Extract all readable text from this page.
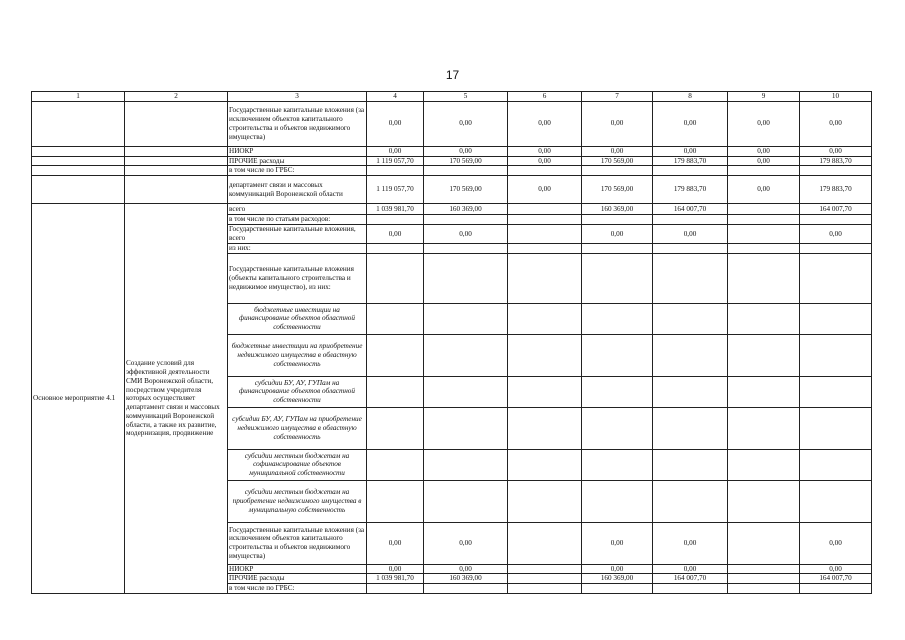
17
1	2	3	4	5	6	7	8	9	10
		Государственные капитальные вложения (за исключением объектов капитального строительства и объектов недвижимого имущества)	0,00	0,00	0,00	0,00	0,00	0,00	0,00
		НИОКР	0,00	0,00	0,00	0,00	0,00	0,00	0,00
		ПРОЧИЕ расходы	1 119 057,70	170 569,00	0,00	170 569,00	179 883,70	0,00	179 883,70
		в том числе по ГРБС:							
		департамент связи и массовых коммуникаций Воронежской области	1 119 057,70	170 569,00	0,00	170 569,00	179 883,70	0,00	179 883,70
Основное мероприятие 4.1	Создание условий для эффективной деятельности СМИ Воронежской области, посредством учредителя которых осуществляет департамент связи и массовых коммуникаций Воронежской области, а также их развитие, модернизация, продвижение	всего	1 039 981,70	160 369,00		160 369,00	164 007,70		164 007,70
		в том числе по статьям расходов:							
		Государственные капитальные вложения, всего	0,00	0,00		0,00	0,00		0,00
		из них:							
		Государственные капитальные вложения (объекты капитального строительства и недвижимое имущество), из них:							
		бюджетные инвестиции на финансирование объектов областной собственности							
		бюджетные инвестиции на приобретение недвижимого имущества в областную собственность							
		субсидии БУ, АУ, ГУПам на финансирование объектов областной собственности							
		субсидии БУ, АУ, ГУПам на приобретение недвижимого имущества в областную собственность							
		субсидии местным бюджетам на софинансирование объектов муниципальной собственности							
		субсидии местным бюджетам на приобретение недвижимого имущества в муниципальную собственность							
		Государственные капитальные вложения (за исключением объектов капитального строительства и объектов недвижимого имущества)	0,00	0,00		0,00	0,00		0,00
		НИОКР	0,00	0,00		0,00	0,00		0,00
		ПРОЧИЕ расходы	1 039 981,70	160 369,00		160 369,00	164 007,70		164 007,70
		в том числе по ГРБС:							
